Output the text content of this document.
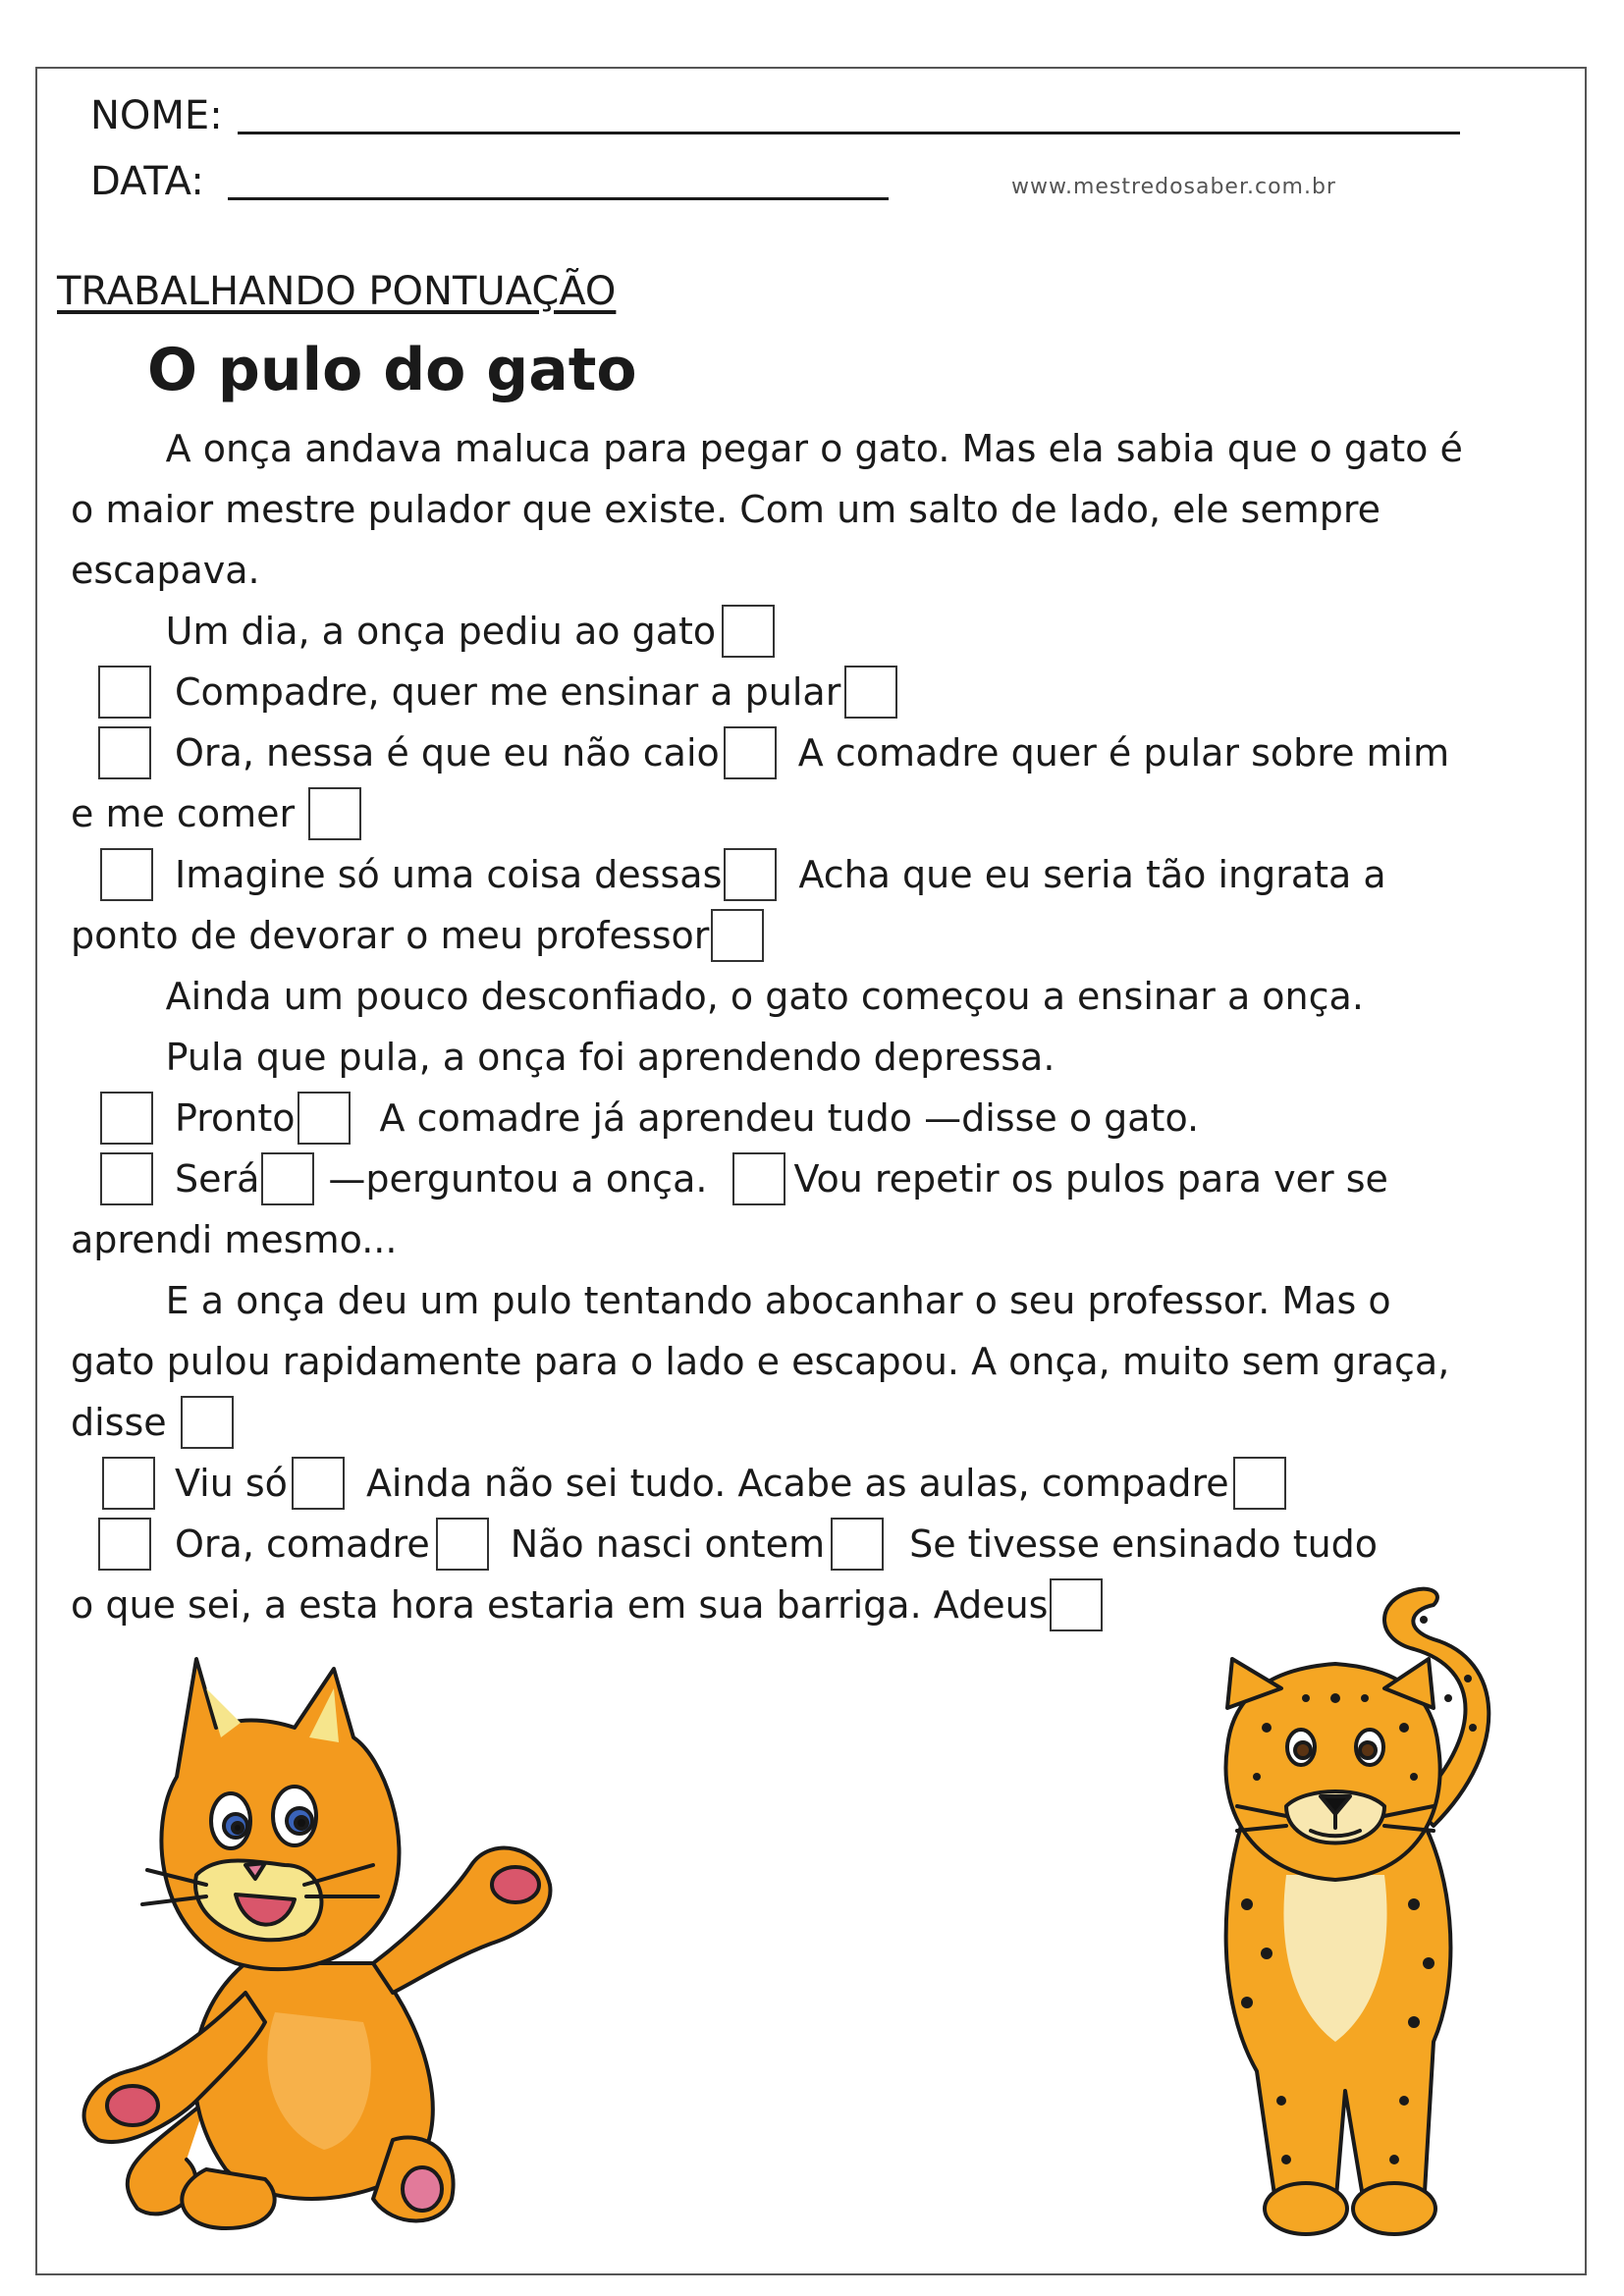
NOME:
DATA:	www.mestredosaber.com.br
TRABALHANDO PONTUAÇÃO
O pulo do gato
A onça andava maluca para pegar o gato. Mas ela sabia que o gato é
o maior mestre pulador que existe. Com um salto de lado, ele sempre
escapava.
Um dia, a onça pediu ao gato
Compadre, quer me ensinar a pular
Ora, nessa é que eu não caio A comadre quer é pular sobre mim
e me comer
Imagine só uma coisa dessas Acha que eu seria tão ingrata a
ponto de devorar o meu professor
Ainda um pouco desconfiado, o gato começou a ensinar a onça.
Pula que pula, a onça foi aprendendo depressa.
Pronto A comadre já aprendeu tudo —disse o gato.
Será —perguntou a onça. Vou repetir os pulos para ver se
aprendi mesmo...
E a onça deu um pulo tentando abocanhar o seu professor. Mas o
gato pulou rapidamente para o lado e escapou. A onça, muito sem graça,
disse
Viu só Ainda não sei tudo. Acabe as aulas, compadre
Ora, comadre Não nasci ontem Se tivesse ensinado tudo
o que sei, a esta hora estaria em sua barriga. Adeus
